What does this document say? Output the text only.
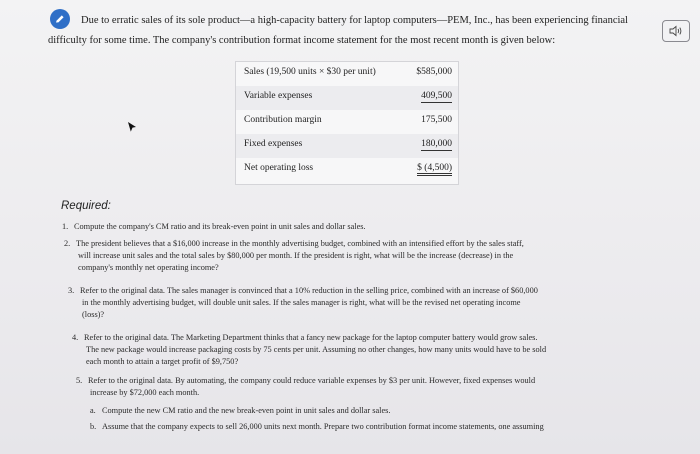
Due to erratic sales of its sole product—a high-capacity battery for laptop computers—PEM, Inc., has been experiencing financial difficulty for some time. The company's contribution format income statement for the most recent month is given below:
Sales (19,500 units × $30 per unit)	$585,000
Variable expenses	409,500
Contribution margin	175,500
Fixed expenses	180,000
Net operating loss	$ (4,500)
Required:
1. Compute the company's CM ratio and its break-even point in unit sales and dollar sales.
2. The president believes that a $16,000 increase in the monthly advertising budget, combined with an intensified effort by the sales staff,
will increase unit sales and the total sales by $80,000 per month. If the president is right, what will be the increase (decrease) in the
company's monthly net operating income?
3. Refer to the original data. The sales manager is convinced that a 10% reduction in the selling price, combined with an increase of $60,000
in the monthly advertising budget, will double unit sales. If the sales manager is right, what will be the revised net operating income
(loss)?
4. Refer to the original data. The Marketing Department thinks that a fancy new package for the laptop computer battery would grow sales.
The new package would increase packaging costs by 75 cents per unit. Assuming no other changes, how many units would have to be sold
each month to attain a target profit of $9,750?
5. Refer to the original data. By automating, the company could reduce variable expenses by $3 per unit. However, fixed expenses would
increase by $72,000 each month.
a. Compute the new CM ratio and the new break-even point in unit sales and dollar sales.
b. Assume that the company expects to sell 26,000 units next month. Prepare two contribution format income statements, one assuming
